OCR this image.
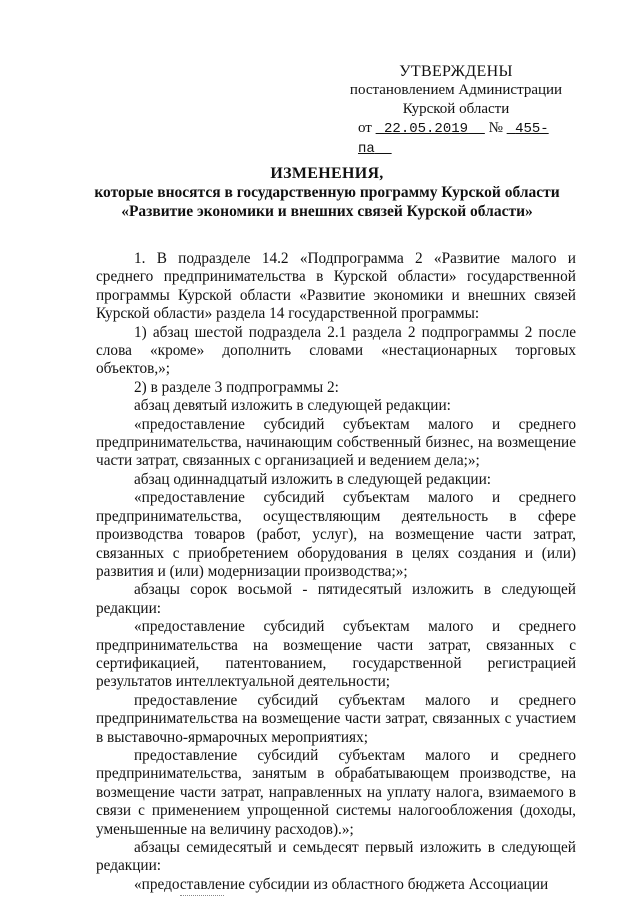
УТВЕРЖДЕНЫ
постановлением Администрации
Курской области
от 22.05.2019 № 455-па
ИЗМЕНЕНИЯ,
которые вносятся в государственную программу Курской области
«Развитие экономики и внешних связей Курской области»

1. В подразделе 14.2 «Подпрограмма 2 «Развитие малого и среднего предпринимательства в Курской области» государственной программы Курской области «Развитие экономики и внешних связей Курской области» раздела 14 государственной программы:

1) абзац шестой подраздела 2.1 раздела 2 подпрограммы 2 после слова «кроме» дополнить словами «нестационарных торговых объектов,»;

2) в разделе 3 подпрограммы 2:

абзац девятый изложить в следующей редакции:

«предоставление субсидий субъектам малого и среднего предпринимательства, начинающим собственный бизнес, на возмещение части затрат, связанных с организацией и ведением дела;»;

абзац одиннадцатый изложить в следующей редакции:

«предоставление субсидий субъектам малого и среднего предпринимательства, осуществляющим деятельность в сфере производства товаров (работ, услуг), на возмещение части затрат, связанных с приобретением оборудования в целях создания и (или) развития и (или) модернизации производства;»;

абзацы сорок восьмой - пятидесятый изложить в следующей редакции:

«предоставление субсидий субъектам малого и среднего предпринимательства на возмещение части затрат, связанных с сертификацией, патентованием, государственной регистрацией результатов интеллектуальной деятельности;

предоставление субсидий субъектам малого и среднего предпринимательства на возмещение части затрат, связанных с участием в выставочно-ярмарочных мероприятиях;

предоставление субсидий субъектам малого и среднего предпринимательства, занятым в обрабатывающем производстве, на возмещение части затрат, направленных на уплату налога, взимаемого в связи с применением упрощенной системы налогообложения (доходы, уменьшенные на величину расходов).»;

абзацы семидесятый и семьдесят первый изложить в следующей редакции:

«предоставление субсидии из областного бюджета Ассоциации
